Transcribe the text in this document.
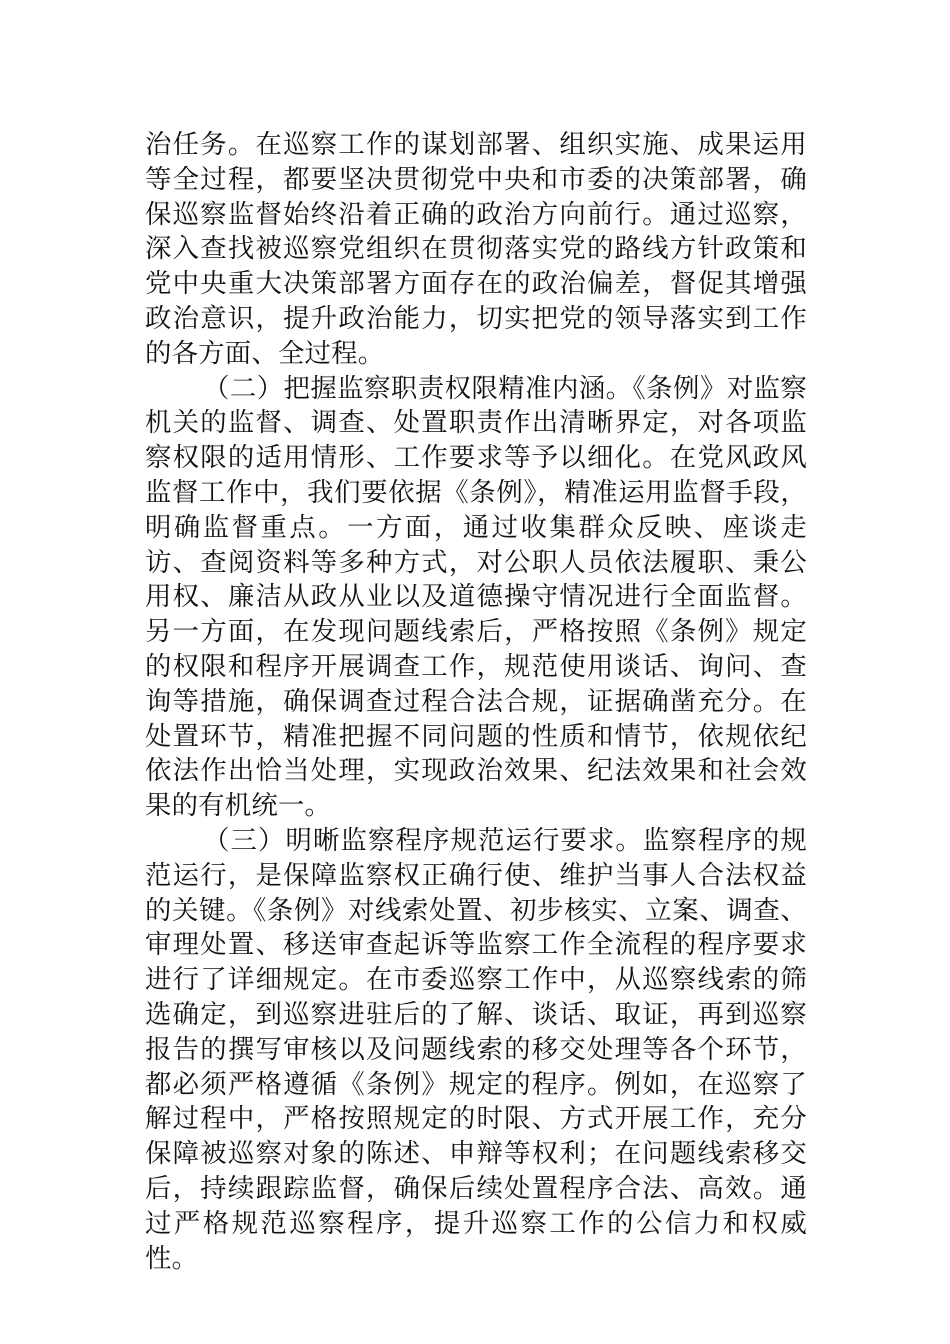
治任务。在巡察工作的谋划部署、组织实施、成果运用等全过程，都要坚决贯彻党中央和市委的决策部署，确保巡察监督始终沿着正确的政治方向前行。通过巡察，深入查找被巡察党组织在贯彻落实党的路线方针政策和党中央重大决策部署方面存在的政治偏差，督促其增强政治意识，提升政治能力，切实把党的领导落实到工作的各方面、全过程。

（二）把握监察职责权限精准内涵。《条例》对监察机关的监督、调查、处置职责作出清晰界定，对各项监察权限的适用情形、工作要求等予以细化。在党风政风监督工作中，我们要依据《条例》，精准运用监督手段，明确监督重点。一方面，通过收集群众反映、座谈走访、查阅资料等多种方式，对公职人员依法履职、秉公用权、廉洁从政从业以及道德操守情况进行全面监督。另一方面，在发现问题线索后，严格按照《条例》规定的权限和程序开展调查工作，规范使用谈话、询问、查询等措施，确保调查过程合法合规，证据确凿充分。在处置环节，精准把握不同问题的性质和情节，依规依纪依法作出恰当处理，实现政治效果、纪法效果和社会效果的有机统一。

（三）明晰监察程序规范运行要求。监察程序的规范运行，是保障监察权正确行使、维护当事人合法权益的关键。《条例》对线索处置、初步核实、立案、调查、审理处置、移送审查起诉等监察工作全流程的程序要求进行了详细规定。在市委巡察工作中，从巡察线索的筛选确定，到巡察进驻后的了解、谈话、取证，再到巡察报告的撰写审核以及问题线索的移交处理等各个环节，都必须严格遵循《条例》规定的程序。例如，在巡察了解过程中，严格按照规定的时限、方式开展工作，充分保障被巡察对象的陈述、申辩等权利；在问题线索移交后，持续跟踪监督，确保后续处置程序合法、高效。通过严格规范巡察程序，提升巡察工作的公信力和权威性。
